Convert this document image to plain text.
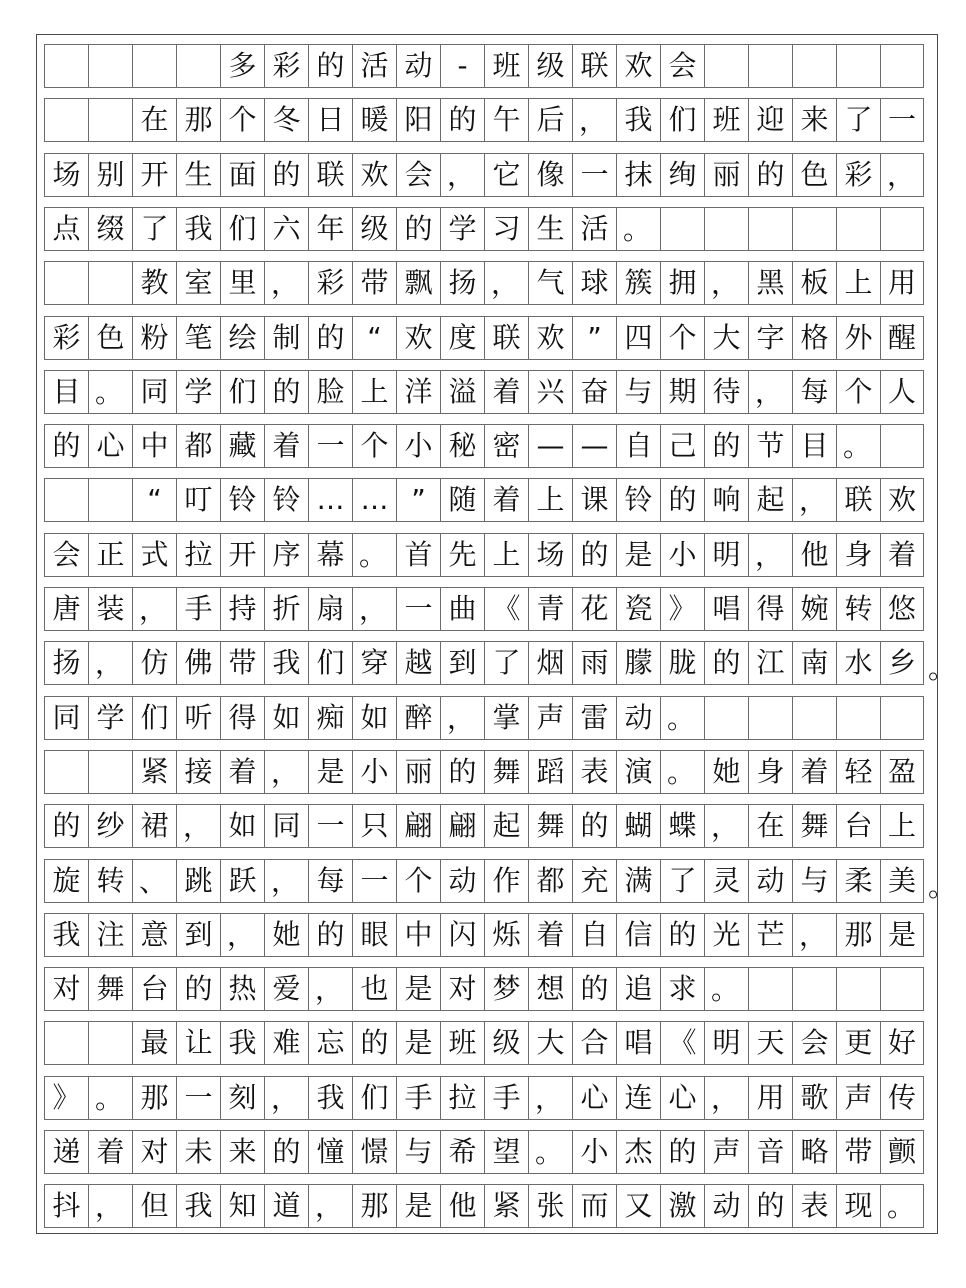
多 彩 的 活 动 - 班 级 联 欢 会
在 那 个 冬 日 暖 阳 的 午 后 ， 我 们 班 迎 来 了 一
场 别 开 生 面 的 联 欢 会 ， 它 像 一 抹 绚 丽 的 色 彩 ，
点 缀 了 我 们 六 年 级 的 学 习 生 活 。
教 室 里 ， 彩 带 飘 扬 ， 气 球 簇 拥 ， 黑 板 上 用
彩 色 粉 笔 绘 制 的 “ 欢 度 联 欢 ” 四 个 大 字 格 外 醒
目 。 同 学 们 的 脸 上 洋 溢 着 兴 奋 与 期 待 ， 每 个 人
的 心 中 都 藏 着 一 个 小 秘 密 — — 自 己 的 节 目 。
“ 叮 铃 铃 … … ” 随 着 上 课 铃 的 响 起 ， 联 欢
会 正 式 拉 开 序 幕 。 首 先 上 场 的 是 小 明 ， 他 身 着
唐 装 ， 手 持 折 扇 ， 一 曲 《 青 花 瓷 》 唱 得 婉 转 悠
扬 ， 仿 佛 带 我 们 穿 越 到 了 烟 雨 朦 胧 的 江 南 水 乡
同 学 们 听 得 如 痴 如 醉 ， 掌 声 雷 动 。
紧 接 着 ， 是 小 丽 的 舞 蹈 表 演 。 她 身 着 轻 盈
的 纱 裙 ， 如 同 一 只 翩 翩 起 舞 的 蝴 蝶 ， 在 舞 台 上
旋 转 、 跳 跃 ， 每 一 个 动 作 都 充 满 了 灵 动 与 柔 美
我 注 意 到 ， 她 的 眼 中 闪 烁 着 自 信 的 光 芒 ， 那 是
对 舞 台 的 热 爱 ， 也 是 对 梦 想 的 追 求 。
最 让 我 难 忘 的 是 班 级 大 合 唱 《 明 天 会 更 好
》 。 那 一 刻 ， 我 们 手 拉 手 ， 心 连 心 ， 用 歌 声 传
递 着 对 未 来 的 憧 憬 与 希 望 。 小 杰 的 声 音 略 带 颤
抖 ， 但 我 知 道 ， 那 是 他 紧 张 而 又 激 动 的 表 现 。
。
。
